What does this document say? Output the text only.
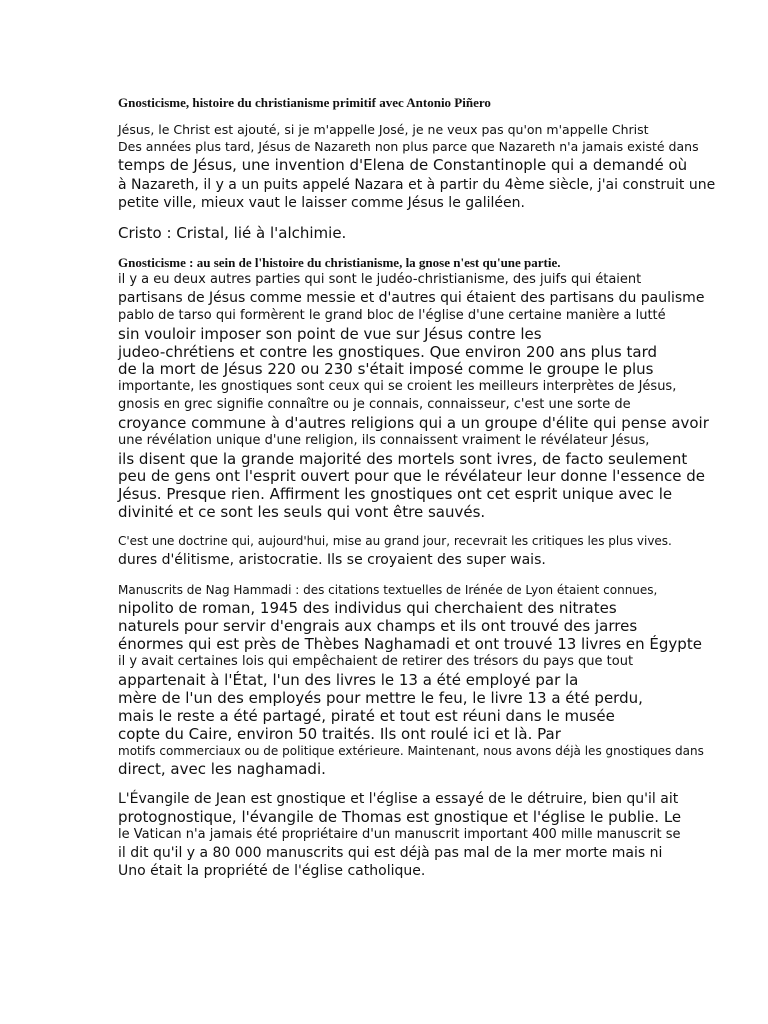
Gnosticisme, histoire du christianisme primitif avec Antonio Piñero
Jésus, le Christ est ajouté, si je m'appelle José, je ne veux pas qu'on m'appelle Christ
Des années plus tard, Jésus de Nazareth non plus parce que Nazareth n'a jamais existé dans
temps de Jésus, une invention d'Elena de Constantinople qui a demandé où
à Nazareth, il y a un puits appelé Nazara et à partir du 4ème siècle, j'ai construit une
petite ville, mieux vaut le laisser comme Jésus le galiléen.
Cristo : Cristal, lié à l'alchimie.
Gnosticisme : au sein de l'histoire du christianisme, la gnose n'est qu'une partie.
il y a eu deux autres parties qui sont le judéo-christianisme, des juifs qui étaient
partisans de Jésus comme messie et d'autres qui étaient des partisans du paulisme
pablo de tarso qui formèrent le grand bloc de l'église d'une certaine manière a lutté
sin vouloir imposer son point de vue sur Jésus contre les
judeo-chrétiens et contre les gnostiques. Que environ 200 ans plus tard
de la mort de Jésus 220 ou 230 s'était imposé comme le groupe le plus
importante, les gnostiques sont ceux qui se croient les meilleurs interprètes de Jésus,
gnosis en grec signifie connaître ou je connais, connaisseur, c'est une sorte de
croyance commune à d'autres religions qui a un groupe d'élite qui pense avoir
une révélation unique d'une religion, ils connaissent vraiment le révélateur Jésus,
ils disent que la grande majorité des mortels sont ivres, de facto seulement
peu de gens ont l'esprit ouvert pour que le révélateur leur donne l'essence de
Jésus. Presque rien. Affirment les gnostiques ont cet esprit unique avec le
divinité et ce sont les seuls qui vont être sauvés.
C'est une doctrine qui, aujourd'hui, mise au grand jour, recevrait les critiques les plus vives.
dures d'élitisme, aristocratie. Ils se croyaient des super wais.
Manuscrits de Nag Hammadi : des citations textuelles de Irénée de Lyon étaient connues,
nipolito de roman, 1945 des individus qui cherchaient des nitrates
naturels pour servir d'engrais aux champs et ils ont trouvé des jarres
énormes qui est près de Thèbes Naghamadi et ont trouvé 13 livres en Égypte
il y avait certaines lois qui empêchaient de retirer des trésors du pays que tout
appartenait à l'État, l'un des livres le 13 a été employé par la
mère de l'un des employés pour mettre le feu, le livre 13 a été perdu,
mais le reste a été partagé, piraté et tout est réuni dans le musée
copte du Caire, environ 50 traités. Ils ont roulé ici et là. Par
motifs commerciaux ou de politique extérieure. Maintenant, nous avons déjà les gnostiques dans
direct, avec les naghamadi.
L'Évangile de Jean est gnostique et l'église a essayé de le détruire, bien qu'il ait
protognostique, l'évangile de Thomas est gnostique et l'église le publie. Le
le Vatican n'a jamais été propriétaire d'un manuscrit important 400 mille manuscrit se
il dit qu'il y a 80 000 manuscrits qui est déjà pas mal de la mer morte mais ni
Uno était la propriété de l'église catholique.
